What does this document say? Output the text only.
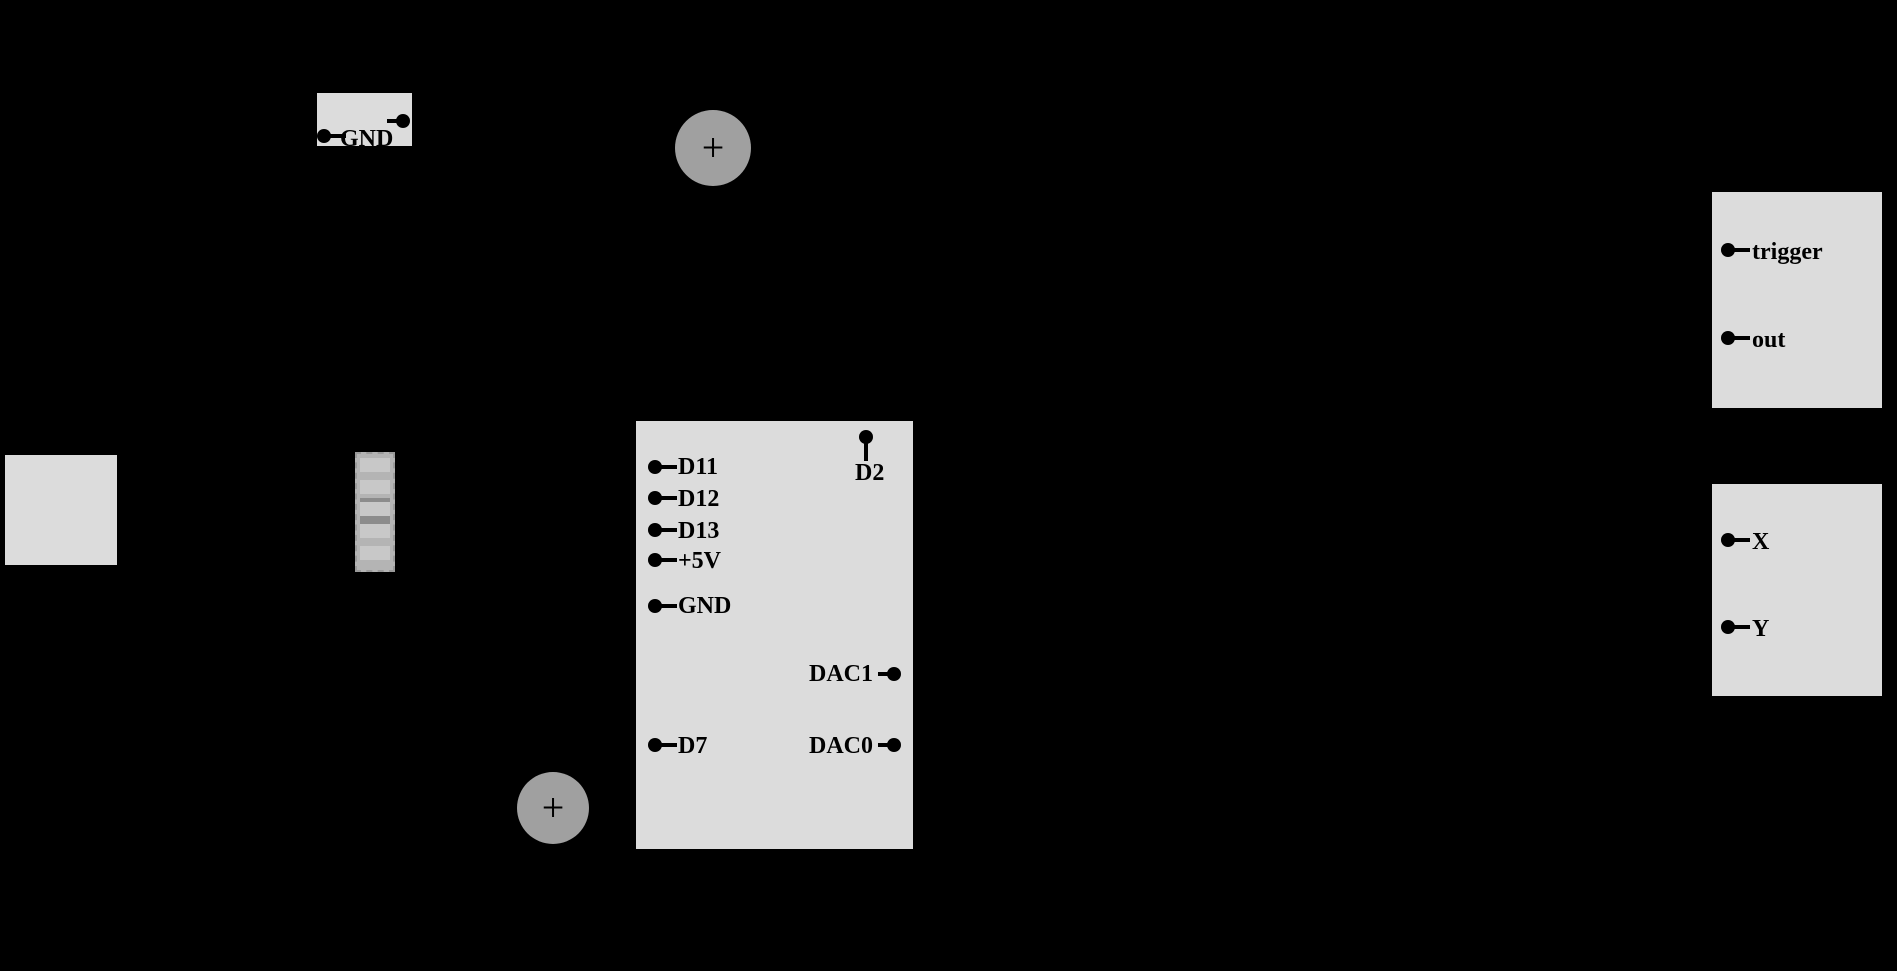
D4
GND
D11
D12
D13
+5V
GND
D7
D2
DAC1
DAC0
trigger
out
X
Y
+
+
